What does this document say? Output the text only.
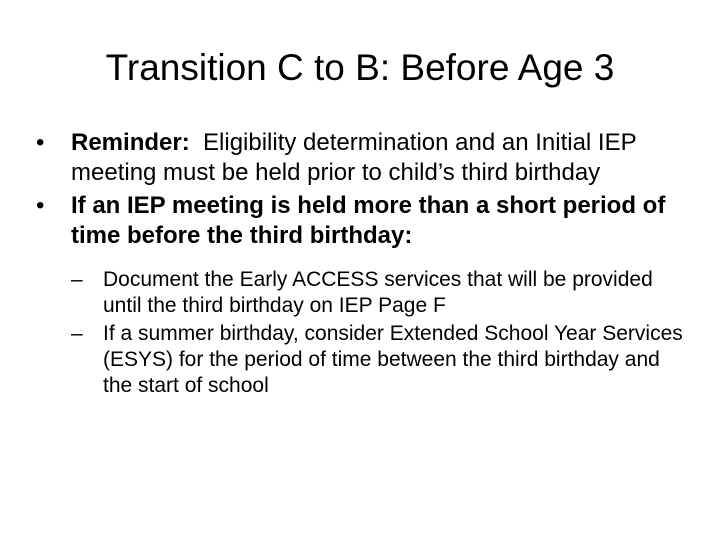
Transition C to B: Before Age 3
•	Reminder:  Eligibility determination and an Initial IEP meeting must be held prior to child’s third birthday
•	If an IEP meeting is held more than a short period of time before the third birthday:
– Document the Early ACCESS services that will be provided until the third birthday on IEP Page F
– If a summer birthday, consider Extended School Year Services (ESYS) for the period of time between the third birthday and the start of school
